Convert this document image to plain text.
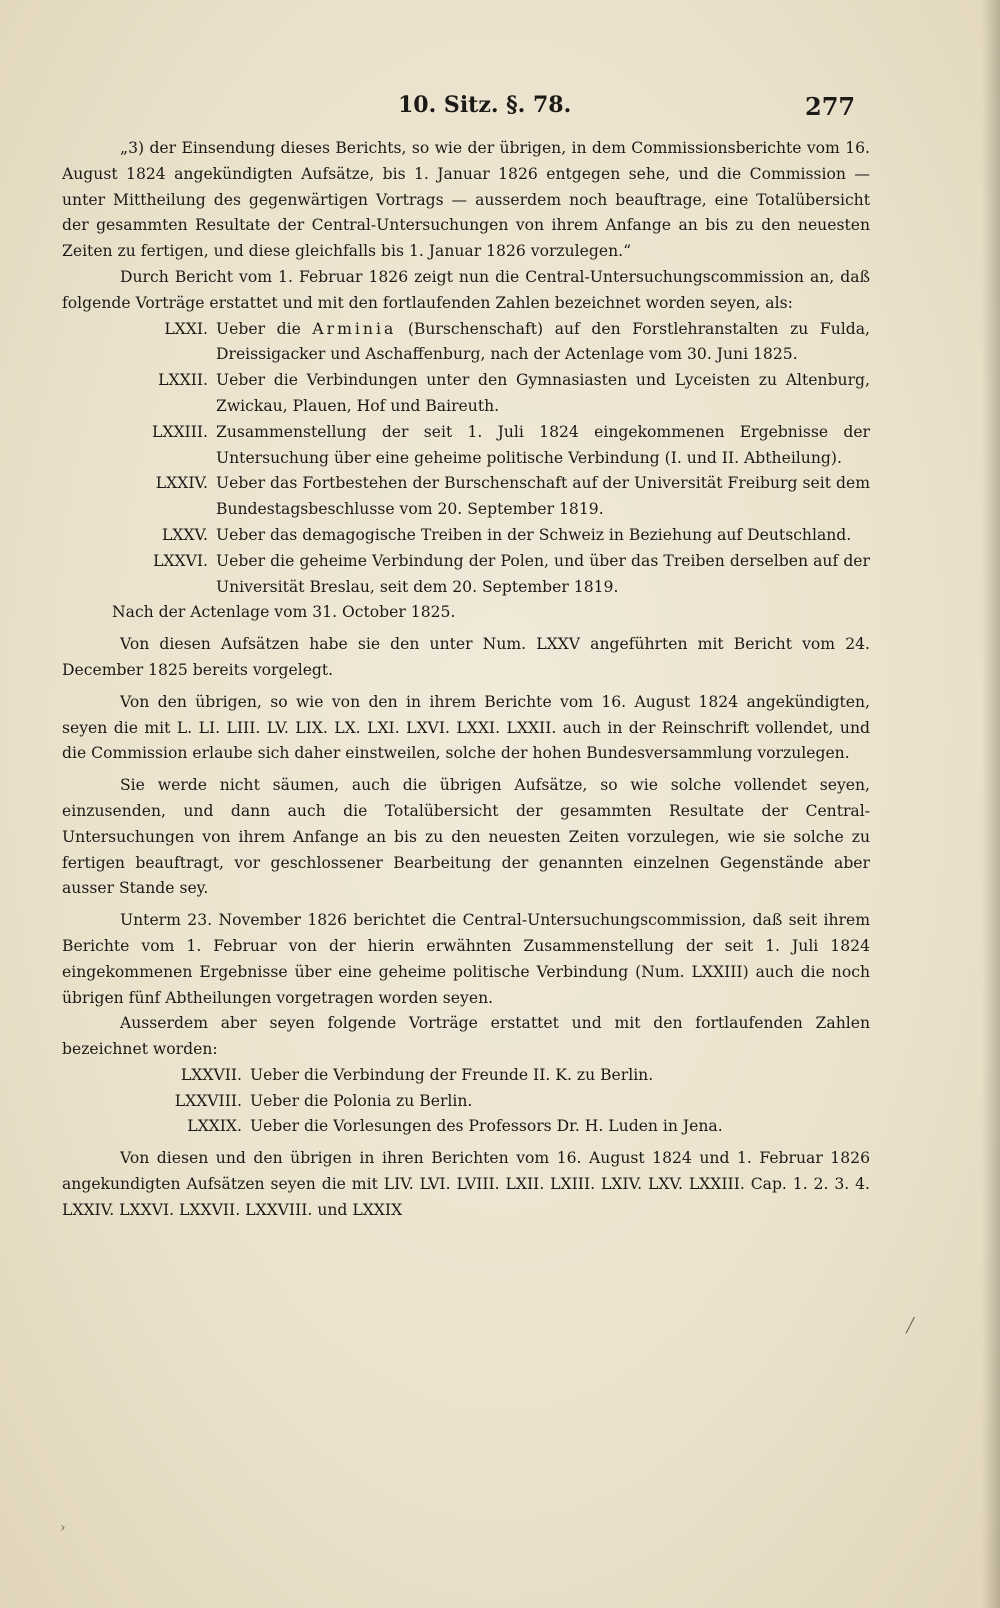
10. Sitz. §. 78.	277

„3) der Einsendung dieses Berichts, so wie der übrigen, in dem Commissionsberichte vom 16. August 1824 angekündigten Aufsätze, bis 1. Januar 1826 entgegen sehe, und die Commission — unter Mittheilung des gegenwärtigen Vortrags — ausserdem noch beauftrage, eine Totalübersicht der gesammten Resultate der Central-Untersuchungen von ihrem Anfange an bis zu den neuesten Zeiten zu fertigen, und diese gleichfalls bis 1. Januar 1826 vorzulegen.“

Durch Bericht vom 1. Februar 1826 zeigt nun die Central-Untersuchungscommission an, daß folgende Vorträge erstattet und mit den fortlaufenden Zahlen bezeichnet worden seyen, als:

LXXI. Ueber die Arminia (Burschenschaft) auf den Forstlehranstalten zu Fulda, Dreissigacker und Aschaffenburg, nach der Actenlage vom 30. Juni 1825.
LXXII. Ueber die Verbindungen unter den Gymnasiasten und Lyceisten zu Altenburg, Zwickau, Plauen, Hof und Baireuth.
LXXIII. Zusammenstellung der seit 1. Juli 1824 eingekommenen Ergebnisse der Untersuchung über eine geheime politische Verbindung (I. und II. Abtheilung).
LXXIV. Ueber das Fortbestehen der Burschenschaft auf der Universität Freiburg seit dem Bundestagsbeschlusse vom 20. September 1819.
LXXV. Ueber das demagogische Treiben in der Schweiz in Beziehung auf Deutschland.
LXXVI. Ueber die geheime Verbindung der Polen, und über das Treiben derselben auf der Universität Breslau, seit dem 20. September 1819.

Nach der Actenlage vom 31. October 1825.

Von diesen Aufsätzen habe sie den unter Num. LXXV angeführten mit Bericht vom 24. December 1825 bereits vorgelegt.

Von den übrigen, so wie von den in ihrem Berichte vom 16. August 1824 angekündigten, seyen die mit L. LI. LIII. LV. LIX. LX. LXI. LXVI. LXXI. LXXII. auch in der Reinschrift vollendet, und die Commission erlaube sich daher einstweilen, solche der hohen Bundesversammlung vorzulegen.

Sie werde nicht säumen, auch die übrigen Aufsätze, so wie solche vollendet seyen, einzusenden, und dann auch die Totalübersicht der gesammten Resultate der Central-Untersuchungen von ihrem Anfange an bis zu den neuesten Zeiten vorzulegen, wie sie solche zu fertigen beauftragt, vor geschlossener Bearbeitung der genannten einzelnen Gegenstände aber ausser Stande sey.

Unterm 23. November 1826 berichtet die Central-Untersuchungscommission, daß seit ihrem Berichte vom 1. Februar von der hierin erwähnten Zusammenstellung der seit 1. Juli 1824 eingekommenen Ergebnisse über eine geheime politische Verbindung (Num. LXXIII) auch die noch übrigen fünf Abtheilungen vorgetragen worden seyen.

Ausserdem aber seyen folgende Vorträge erstattet und mit den fortlaufenden Zahlen bezeichnet worden:

LXXVII. Ueber die Verbindung der Freunde II. K. zu Berlin.
LXXVIII. Ueber die Polonia zu Berlin.
LXXIX. Ueber die Vorlesungen des Professors Dr. H. Luden in Jena.

Von diesen und den übrigen in ihren Berichten vom 16. August 1824 und 1. Februar 1826 angekundigten Aufsätzen seyen die mit LIV. LVI. LVIII. LXII. LXIII. LXIV. LXV. LXXIII. Cap. 1. 2. 3. 4. LXXIV. LXXVI. LXXVII. LXXVIII. und LXXIX

╱
›
